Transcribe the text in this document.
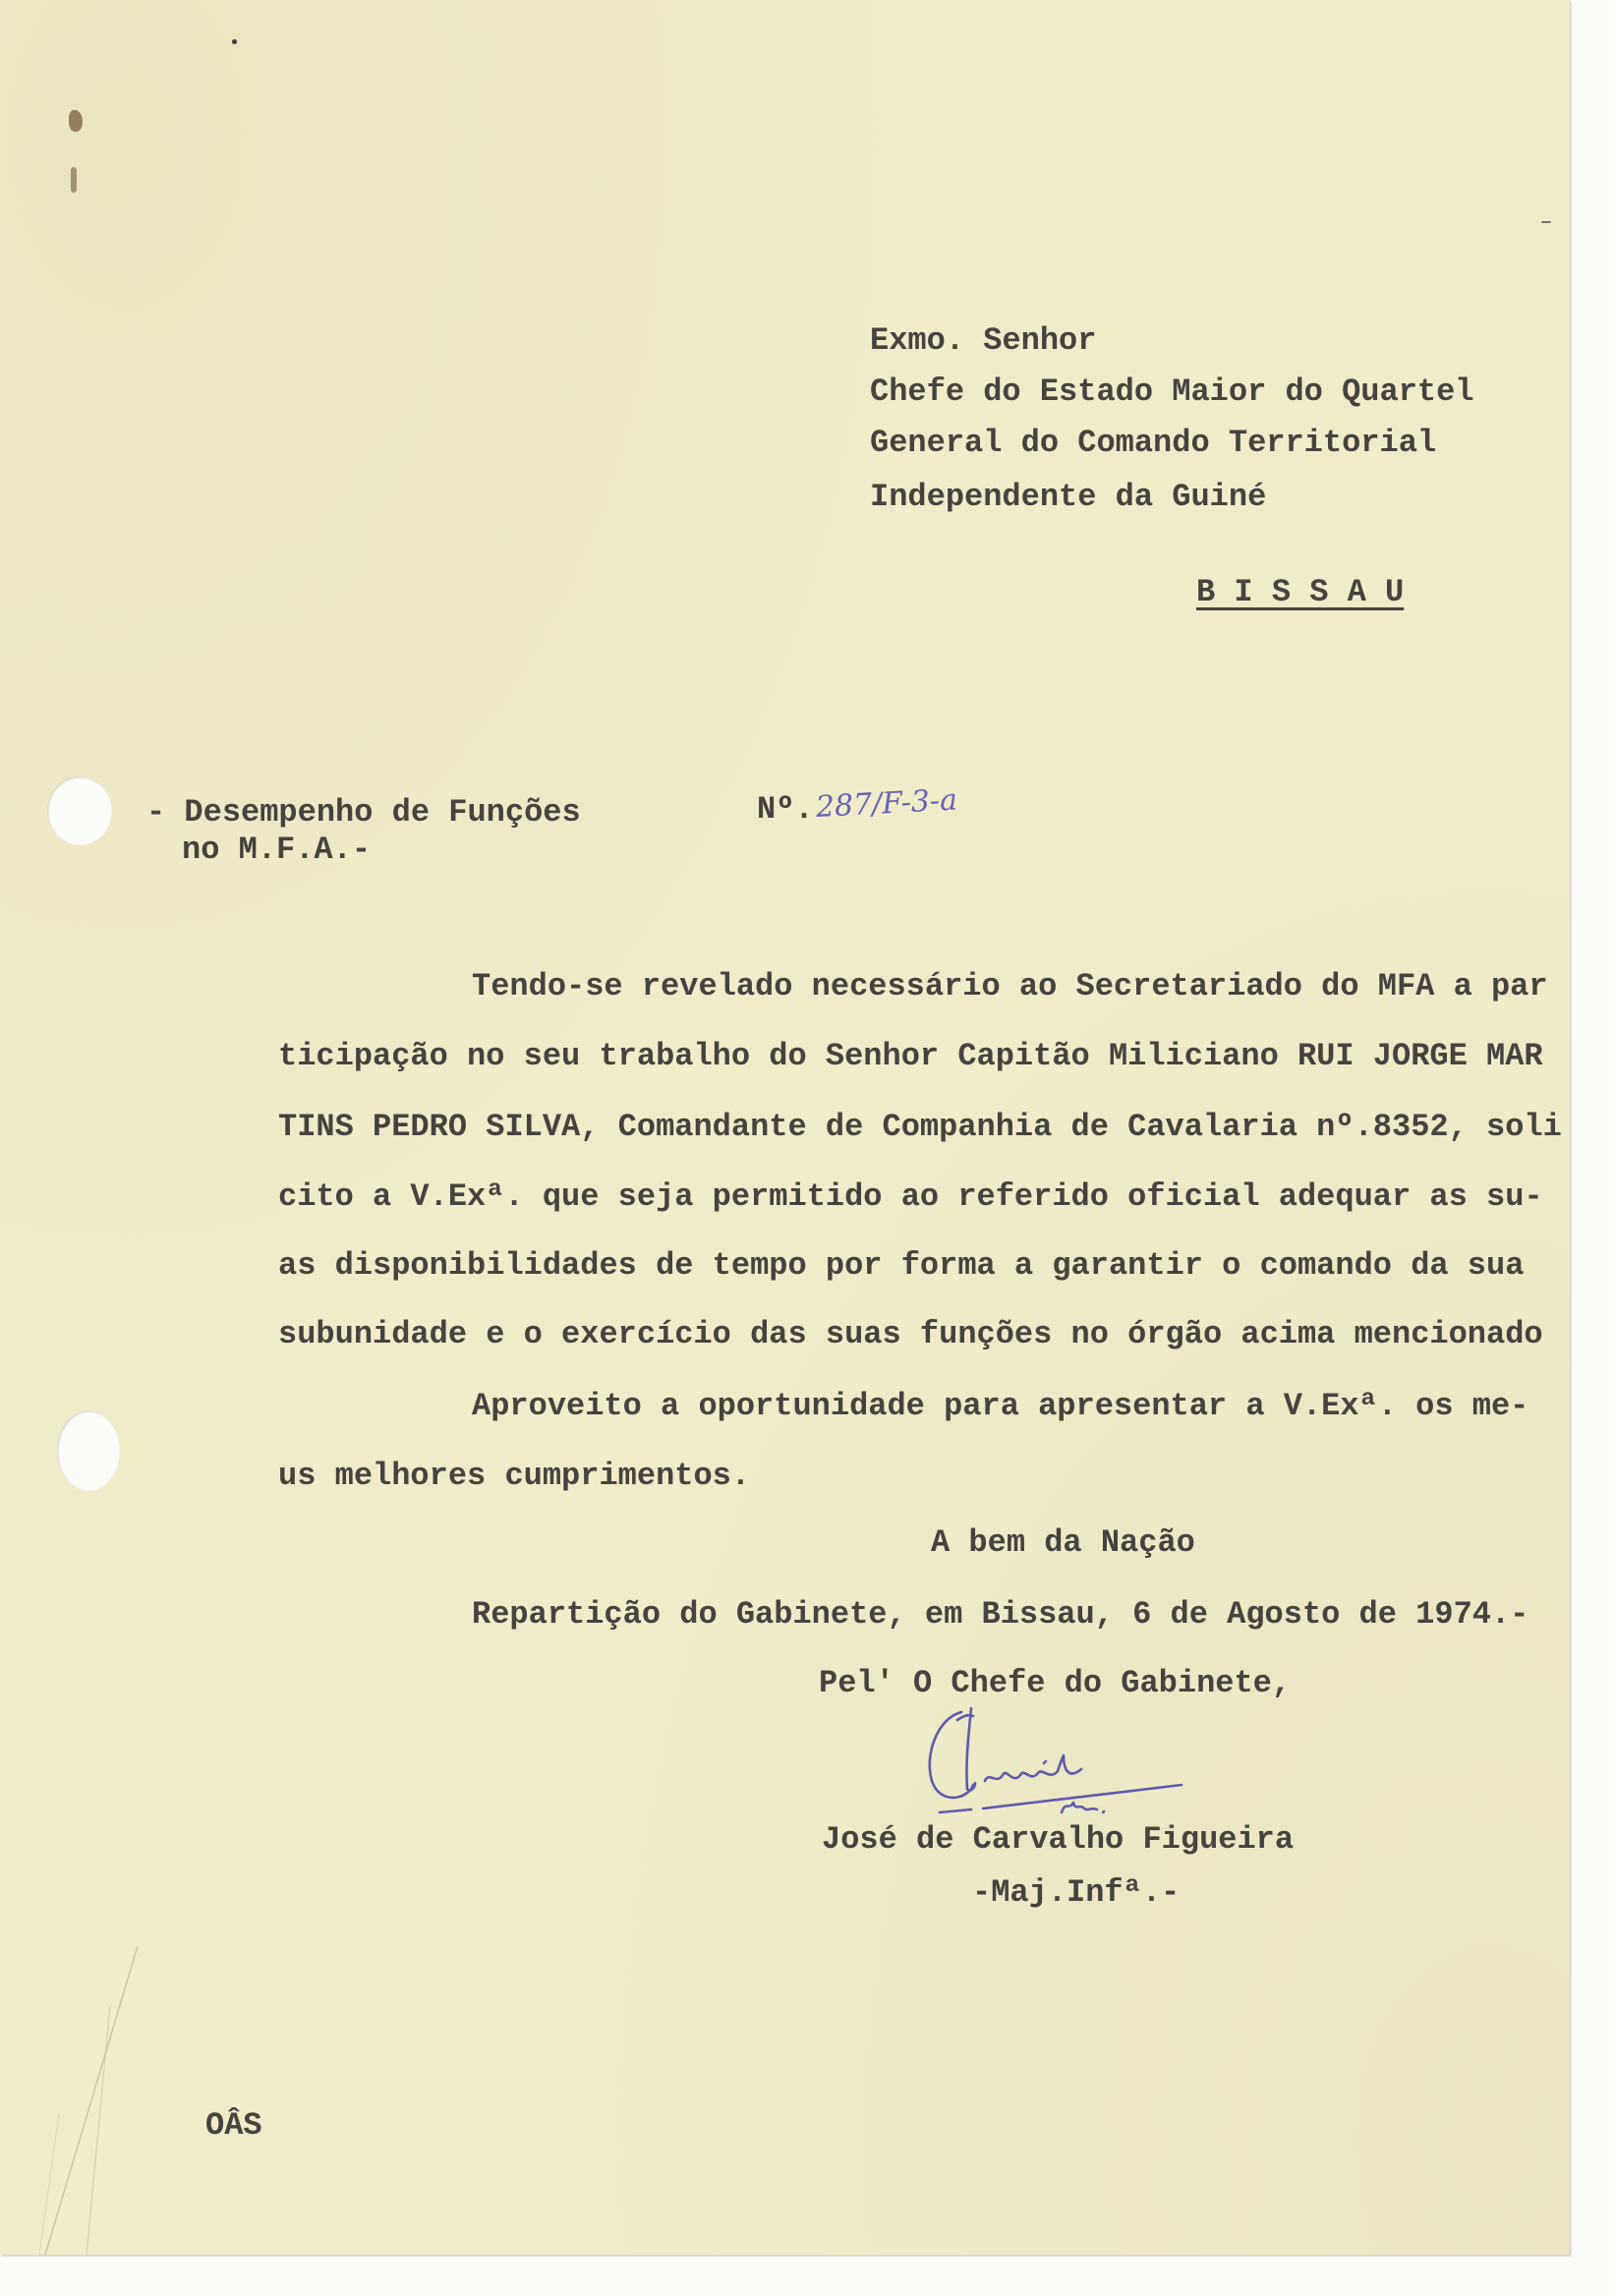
Exmo. Senhor
Chefe do Estado Maior do Quartel
General do Comando Territorial
Independente da Guiné
B I S S A U
- Desempenho de Funções
no M.F.A.-
Nº. 287/F-3-a
Tendo-se revelado necessário ao Secretariado do MFA a par
ticipação no seu trabalho do Senhor Capitão Miliciano RUI JORGE MAR
TINS PEDRO SILVA, Comandante de Companhia de Cavalaria nº.8352, soli
cito a V.Exª. que seja permitido ao referido oficial adequar as su-
as disponibilidades de tempo por forma a garantir o comando da sua
subunidade e o exercício das suas funções no órgão acima mencionado
Aproveito a oportunidade para apresentar a V.Exª. os me-
us melhores cumprimentos.
A bem da Nação
Repartição do Gabinete, em Bissau, 6 de Agosto de 1974.-
Pel' O Chefe do Gabinete,
José de Carvalho Figueira
-Maj.Infª.-
OÂS
